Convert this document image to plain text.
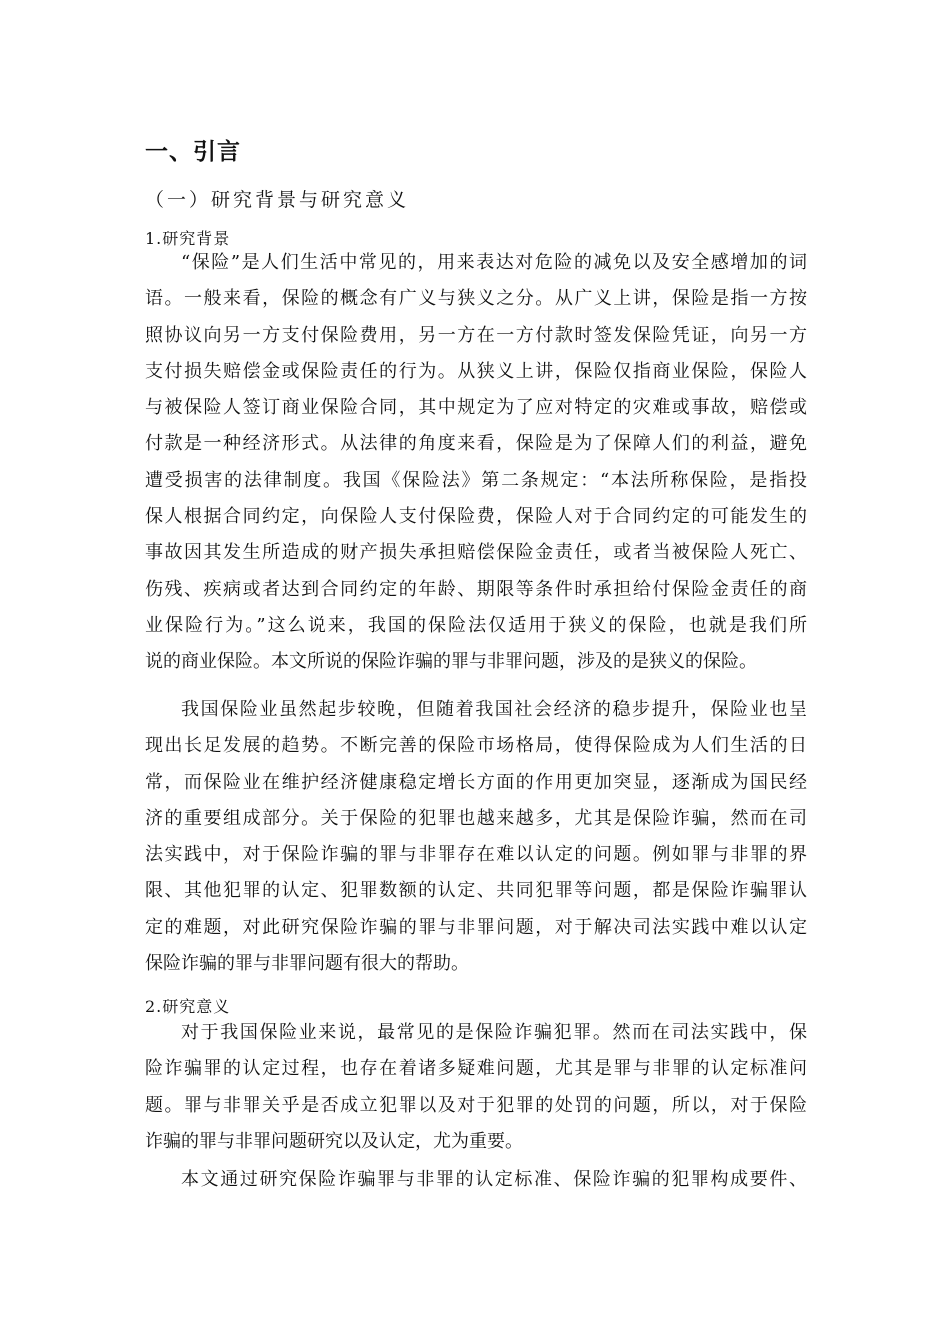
一、引言
（一）研究背景与研究意义
1.研究背景
“保险”是人们生活中常见的，用来表达对危险的减免以及安全感增加的词
语。一般来看，保险的概念有广义与狭义之分。从广义上讲，保险是指一方按
照协议向另一方支付保险费用，另一方在一方付款时签发保险凭证，向另一方
支付损失赔偿金或保险责任的行为。从狭义上讲，保险仅指商业保险，保险人
与被保险人签订商业保险合同，其中规定为了应对特定的灾难或事故，赔偿或
付款是一种经济形式。从法律的角度来看，保险是为了保障人们的利益，避免
遭受损害的法律制度。我国《保险法》第二条规定：“本法所称保险，是指投
保人根据合同约定，向保险人支付保险费，保险人对于合同约定的可能发生的
事故因其发生所造成的财产损失承担赔偿保险金责任，或者当被保险人死亡、
伤残、疾病或者达到合同约定的年龄、期限等条件时承担给付保险金责任的商
业保险行为。”这么说来，我国的保险法仅适用于狭义的保险，也就是我们所
说的商业保险。本文所说的保险诈骗的罪与非罪问题，涉及的是狭义的保险。
我国保险业虽然起步较晚，但随着我国社会经济的稳步提升，保险业也呈
现出长足发展的趋势。不断完善的保险市场格局，使得保险成为人们生活的日
常，而保险业在维护经济健康稳定增长方面的作用更加突显，逐渐成为国民经
济的重要组成部分。关于保险的犯罪也越来越多，尤其是保险诈骗，然而在司
法实践中，对于保险诈骗的罪与非罪存在难以认定的问题。例如罪与非罪的界
限、其他犯罪的认定、犯罪数额的认定、共同犯罪等问题，都是保险诈骗罪认
定的难题，对此研究保险诈骗的罪与非罪问题，对于解决司法实践中难以认定
保险诈骗的罪与非罪问题有很大的帮助。
2.研究意义
对于我国保险业来说，最常见的是保险诈骗犯罪。然而在司法实践中，保
险诈骗罪的认定过程，也存在着诸多疑难问题，尤其是罪与非罪的认定标准问
题。罪与非罪关乎是否成立犯罪以及对于犯罪的处罚的问题，所以，对于保险
诈骗的罪与非罪问题研究以及认定，尤为重要。
本文通过研究保险诈骗罪与非罪的认定标准、保险诈骗的犯罪构成要件、
